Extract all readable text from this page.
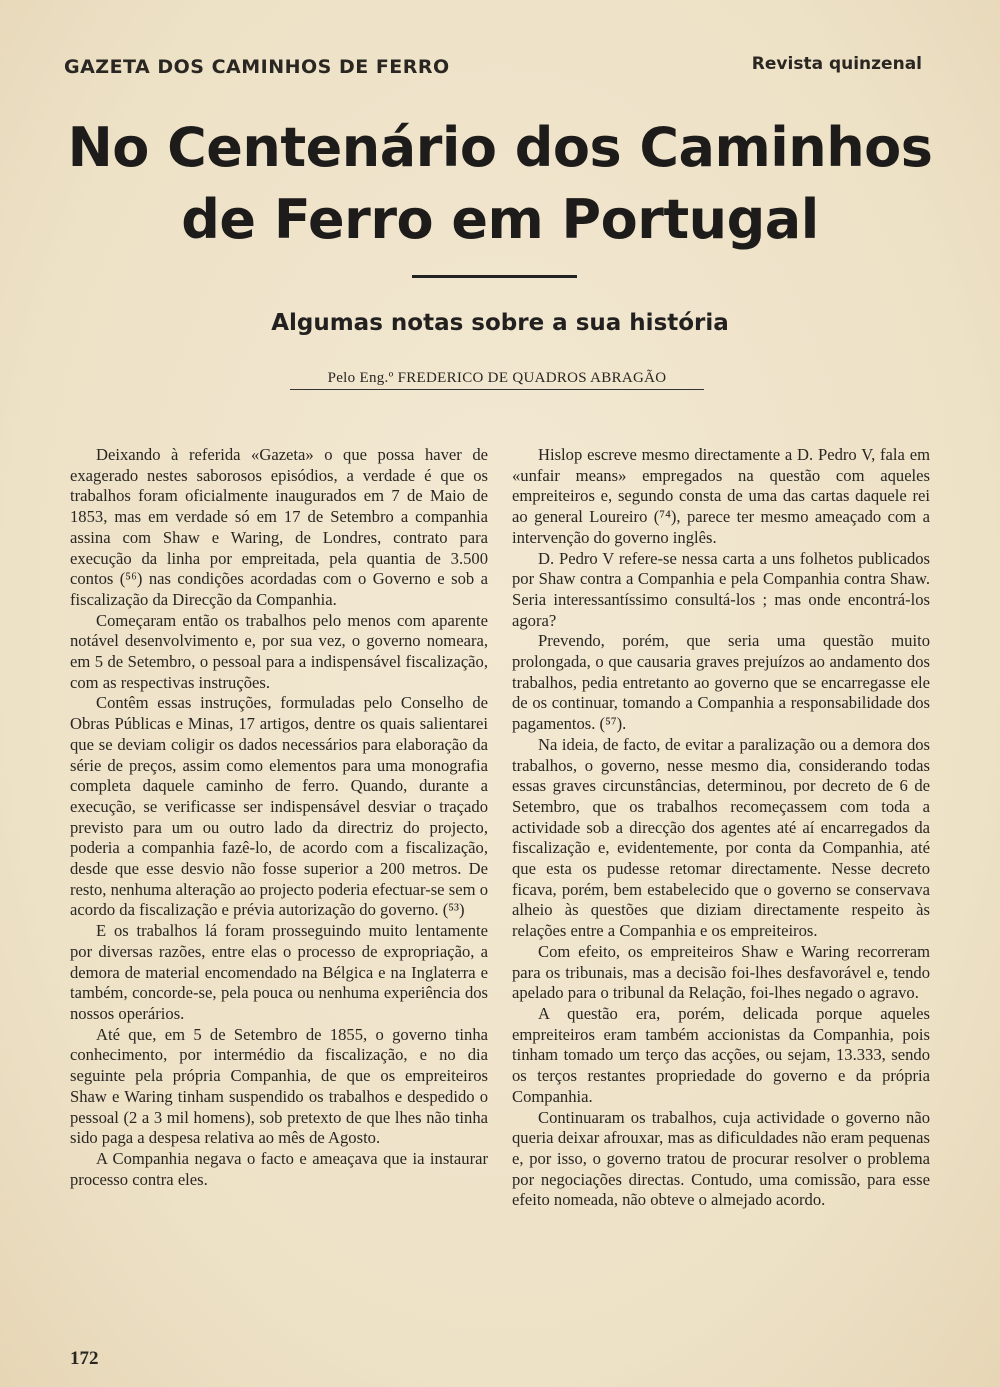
GAZETA DOS CAMINHOS DE FERRO	Revista quinzenal
No Centenário dos Caminhos
de Ferro em Portugal
Algumas notas sobre a sua história
Pelo Eng.º FREDERICO DE QUADROS ABRAGÃO

Deixando à referida «Gazeta» o que possa haver de exagerado nestes saborosos episódios, a verdade é que os trabalhos foram oficialmente inaugurados em 7 de Maio de 1853, mas em verdade só em 17 de Setembro a companhia assina com Shaw e Waring, de Londres, contrato para execução da linha por empreitada, pela quantia de 3.500 contos (⁵⁶) nas condições acordadas com o Governo e sob a fiscalização da Direcção da Companhia.

Começaram então os trabalhos pelo menos com aparente notável desenvolvimento e, por sua vez, o governo nomeara, em 5 de Setembro, o pessoal para a indispensável fiscalização, com as respectivas instruções.

Contêm essas instruções, formuladas pelo Conselho de Obras Públicas e Minas, 17 artigos, dentre os quais salientarei que se deviam coligir os dados necessários para elaboração da série de preços, assim como elementos para uma monografia completa daquele caminho de ferro. Quando, durante a execução, se verificasse ser indispensável desviar o traçado previsto para um ou outro lado da directriz do projecto, poderia a companhia fazê-lo, de acordo com a fiscalização, desde que esse desvio não fosse superior a 200 metros. De resto, nenhuma alteração ao projecto poderia efectuar-se sem o acordo da fiscalização e prévia autorização do governo. (⁵³)

E os trabalhos lá foram prosseguindo muito lentamente por diversas razões, entre elas o processo de expropriação, a demora de material encomendado na Bélgica e na Inglaterra e também, concorde-se, pela pouca ou nenhuma experiência dos nossos operários.

Até que, em 5 de Setembro de 1855, o governo tinha conhecimento, por intermédio da fiscalização, e no dia seguinte pela própria Companhia, de que os empreiteiros Shaw e Waring tinham suspendido os trabalhos e despedido o pessoal (2 a 3 mil homens), sob pretexto de que lhes não tinha sido paga a despesa relativa ao mês de Agosto.

A Companhia negava o facto e ameaçava que ia instaurar processo contra eles.

Hislop escreve mesmo directamente a D. Pedro V, fala em «unfair means» empregados na questão com aqueles empreiteiros e, segundo consta de uma das cartas daquele rei ao general Loureiro (⁷⁴), parece ter mesmo ameaçado com a intervenção do governo inglês.

D. Pedro V refere-se nessa carta a uns folhetos publicados por Shaw contra a Companhia e pela Companhia contra Shaw. Seria interessantíssimo consultá-los ; mas onde encontrá-los agora?

Prevendo, porém, que seria uma questão muito prolongada, o que causaria graves prejuízos ao andamento dos trabalhos, pedia entretanto ao governo que se encarregasse ele de os continuar, tomando a Companhia a responsabilidade dos pagamentos. (⁵⁷).

Na ideia, de facto, de evitar a paralização ou a demora dos trabalhos, o governo, nesse mesmo dia, considerando todas essas graves circunstâncias, determinou, por decreto de 6 de Setembro, que os trabalhos recomeçassem com toda a actividade sob a direcção dos agentes até aí encarregados da fiscalização e, evidentemente, por conta da Companhia, até que esta os pudesse retomar directamente. Nesse decreto ficava, porém, bem estabelecido que o governo se conservava alheio às questões que diziam directamente respeito às relações entre a Companhia e os empreiteiros.

Com efeito, os empreiteiros Shaw e Waring recorreram para os tribunais, mas a decisão foi-lhes desfavorável e, tendo apelado para o tribunal da Relação, foi-lhes negado o agravo.

A questão era, porém, delicada porque aqueles empreiteiros eram também accionistas da Companhia, pois tinham tomado um terço das acções, ou sejam, 13.333, sendo os terços restantes propriedade do governo e da própria Companhia.

Continuaram os trabalhos, cuja actividade o governo não queria deixar afrouxar, mas as dificuldades não eram pequenas e, por isso, o governo tratou de procurar resolver o problema por negociações directas. Contudo, uma comissão, para esse efeito nomeada, não obteve o almejado acordo.

172
